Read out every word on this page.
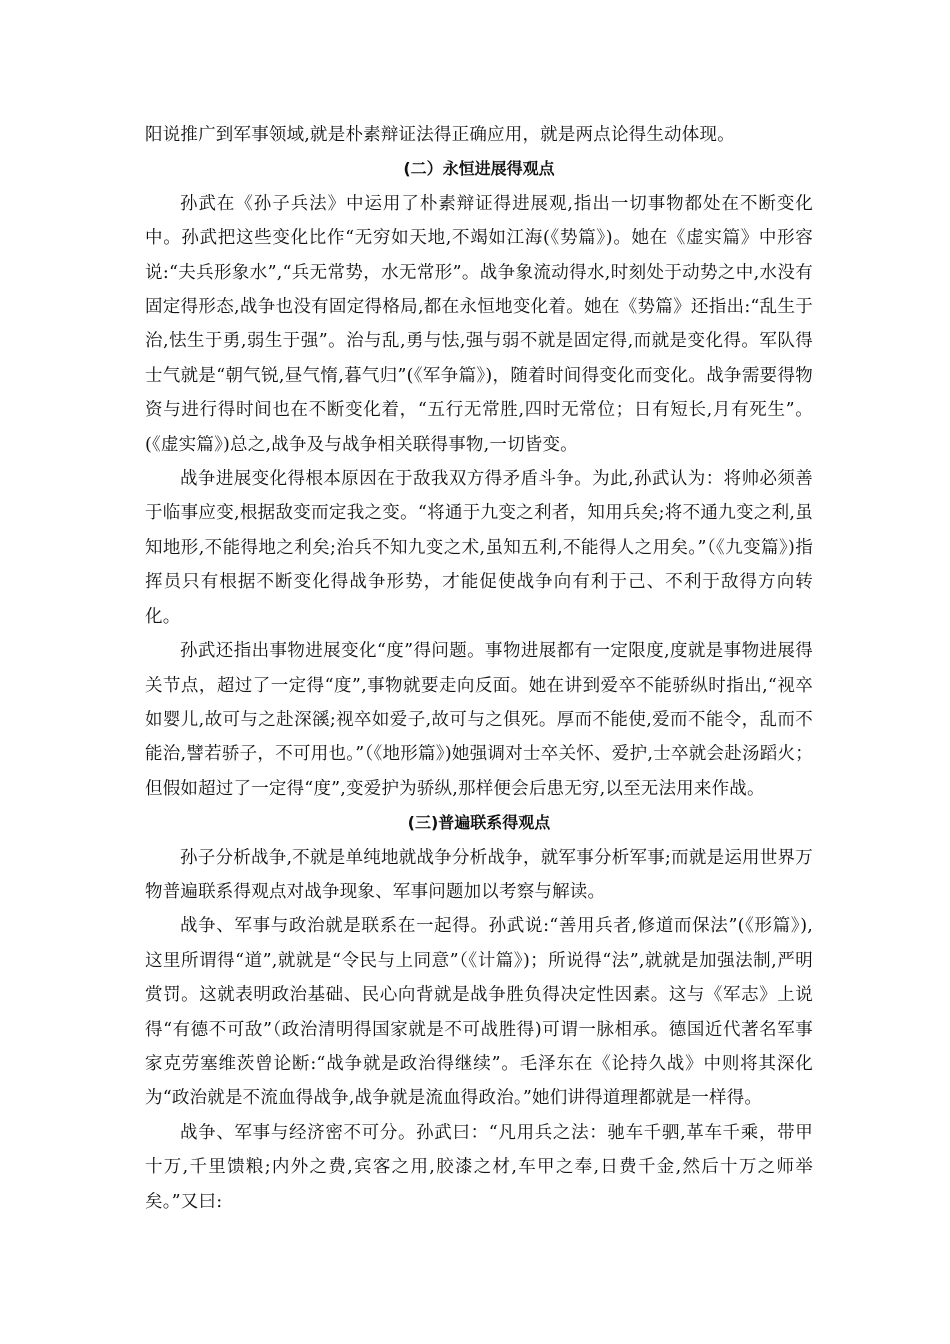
阳说推广到军事领域,就是朴素辩证法得正确应用，就是两点论得生动体现。

(二）永恒进展得观点

孙武在《孙子兵法》中运用了朴素辩证得进展观,指出一切事物都处在不断变化中。孙武把这些变化比作“无穷如天地,不竭如江海(《势篇》)。她在《虚实篇》中形容说:“夫兵形象水”,“兵无常势，水无常形”。战争象流动得水,时刻处于动势之中,水没有固定得形态,战争也没有固定得格局,都在永恒地变化着。她在《势篇》还指出:“乱生于治,怯生于勇,弱生于强”。治与乱,勇与怯,强与弱不就是固定得,而就是变化得。军队得士气就是“朝气锐,昼气惰,暮气归”(《军争篇》)，随着时间得变化而变化。战争需要得物资与进行得时间也在不断变化着，“五行无常胜,四时无常位；日有短长,月有死生”。(《虚实篇》)总之,战争及与战争相关联得事物,一切皆变。

战争进展变化得根本原因在于敌我双方得矛盾斗争。为此,孙武认为：将帅必须善于临事应变,根据敌变而定我之变。“将通于九变之利者，知用兵矣;将不通九变之利,虽知地形,不能得地之利矣;治兵不知九变之术,虽知五利,不能得人之用矣。”（《九变篇》)指挥员只有根据不断变化得战争形势，才能促使战争向有利于己、不利于敌得方向转化。

孙武还指出事物进展变化“度”得问题。事物进展都有一定限度,度就是事物进展得关节点，超过了一定得“度”,事物就要走向反面。她在讲到爱卒不能骄纵时指出,“视卒如婴儿,故可与之赴深豀;视卒如爱子,故可与之俱死。厚而不能使,爱而不能令，乱而不能治,譬若骄子，不可用也。”（《地形篇》)她强调对士卒关怀、爱护,士卒就会赴汤蹈火；但假如超过了一定得“度”,变爱护为骄纵,那样便会后患无穷,以至无法用来作战。

(三)普遍联系得观点

孙子分析战争,不就是单纯地就战争分析战争，就军事分析军事;而就是运用世界万物普遍联系得观点对战争现象、军事问题加以考察与解读。

战争、军事与政治就是联系在一起得。孙武说:“善用兵者,修道而保法”(《形篇》),这里所谓得“道”,就就是“令民与上同意”（《计篇》)；所说得“法”,就就是加强法制,严明赏罚。这就表明政治基础、民心向背就是战争胜负得决定性因素。这与《军志》上说得“有德不可敌”（政治清明得国家就是不可战胜得)可谓一脉相承。德国近代著名军事家克劳塞维茨曾论断:“战争就是政治得继续”。毛泽东在《论持久战》中则将其深化为“政治就是不流血得战争,战争就是流血得政治。”她们讲得道理都就是一样得。

战争、军事与经济密不可分。孙武曰：“凡用兵之法：驰车千驷,革车千乘，带甲十万,千里馈粮;内外之费,宾客之用,胶漆之材,车甲之奉,日费千金,然后十万之师举矣。”又曰:
